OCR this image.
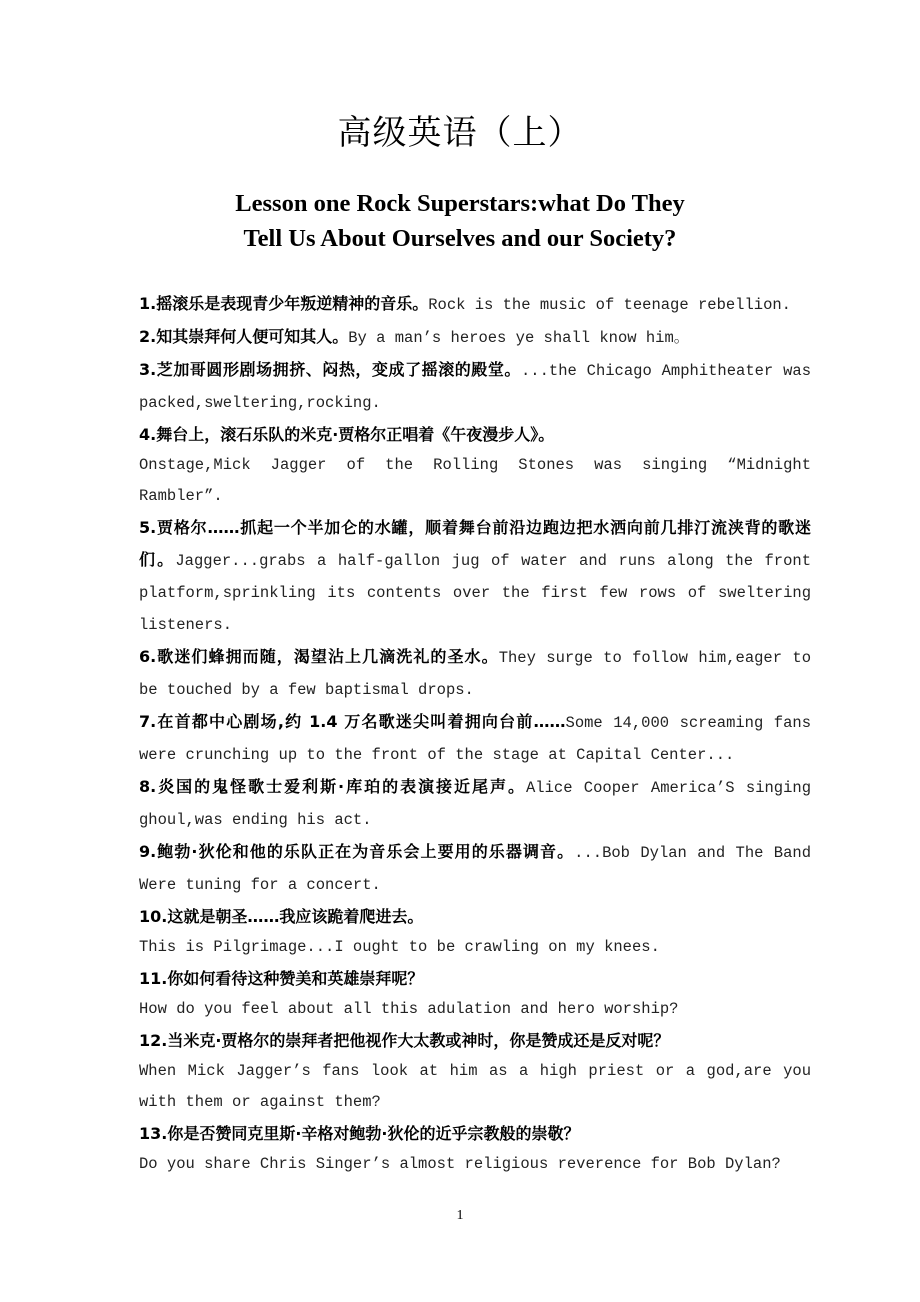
高级英语（上）
Lesson one Rock Superstars:what Do They
Tell Us About Ourselves and our Society?
1.摇滚乐是表现青少年叛逆精神的音乐。Rock is the music of teenage rebellion.
2.知其崇拜何人便可知其人。By a man’s heroes ye shall know him。
3.芝加哥圆形剧场拥挤、闷热，变成了摇滚的殿堂。...the Chicago Amphitheater was packed,sweltering,rocking.
4.舞台上，滚石乐队的米克·贾格尔正唱着《午夜漫步人》。
Onstage,Mick Jagger of the Rolling Stones was singing “Midnight Rambler”.
5.贾格尔……抓起一个半加仑的水罐，顺着舞台前沿边跑边把水洒向前几排汀流浃背的歌迷们。Jagger...grabs a half-gallon jug of water and runs along the front platform,sprinkling its contents over the first few rows of sweltering listeners.
6.歌迷们蜂拥而随，渴望沾上几滴洗礼的圣水。They surge to follow him,eager to be touched by a few baptismal drops.
7.在首都中心剧场,约 1.4 万名歌迷尖叫着拥向台前……Some 14,000 screaming fans were crunching up to the front of the stage at Capital Center...
8.炎国的鬼怪歌士爱利斯·库珀的表演接近尾声。Alice Cooper America’S singing ghoul,was ending his act.
9.鲍勃·狄伦和他的乐队正在为音乐会上要用的乐器调音。...Bob Dylan and The Band Were tuning for a concert.
10.这就是朝圣……我应该跪着爬进去。
This is Pilgrimage...I ought to be crawling on my knees.
11.你如何看待这种赞美和英雄崇拜呢？
How do you feel about all this adulation and hero worship?
12.当米克·贾格尔的崇拜者把他视作大太教或神时，你是赞成还是反对呢？
When Mick Jagger’s fans look at him as a high priest or a god,are you with them or against them?
13.你是否赞同克里斯·辛格对鲍勃·狄伦的近乎宗教般的崇敬？
Do you share Chris Singer’s almost religious reverence for Bob Dylan?
1
